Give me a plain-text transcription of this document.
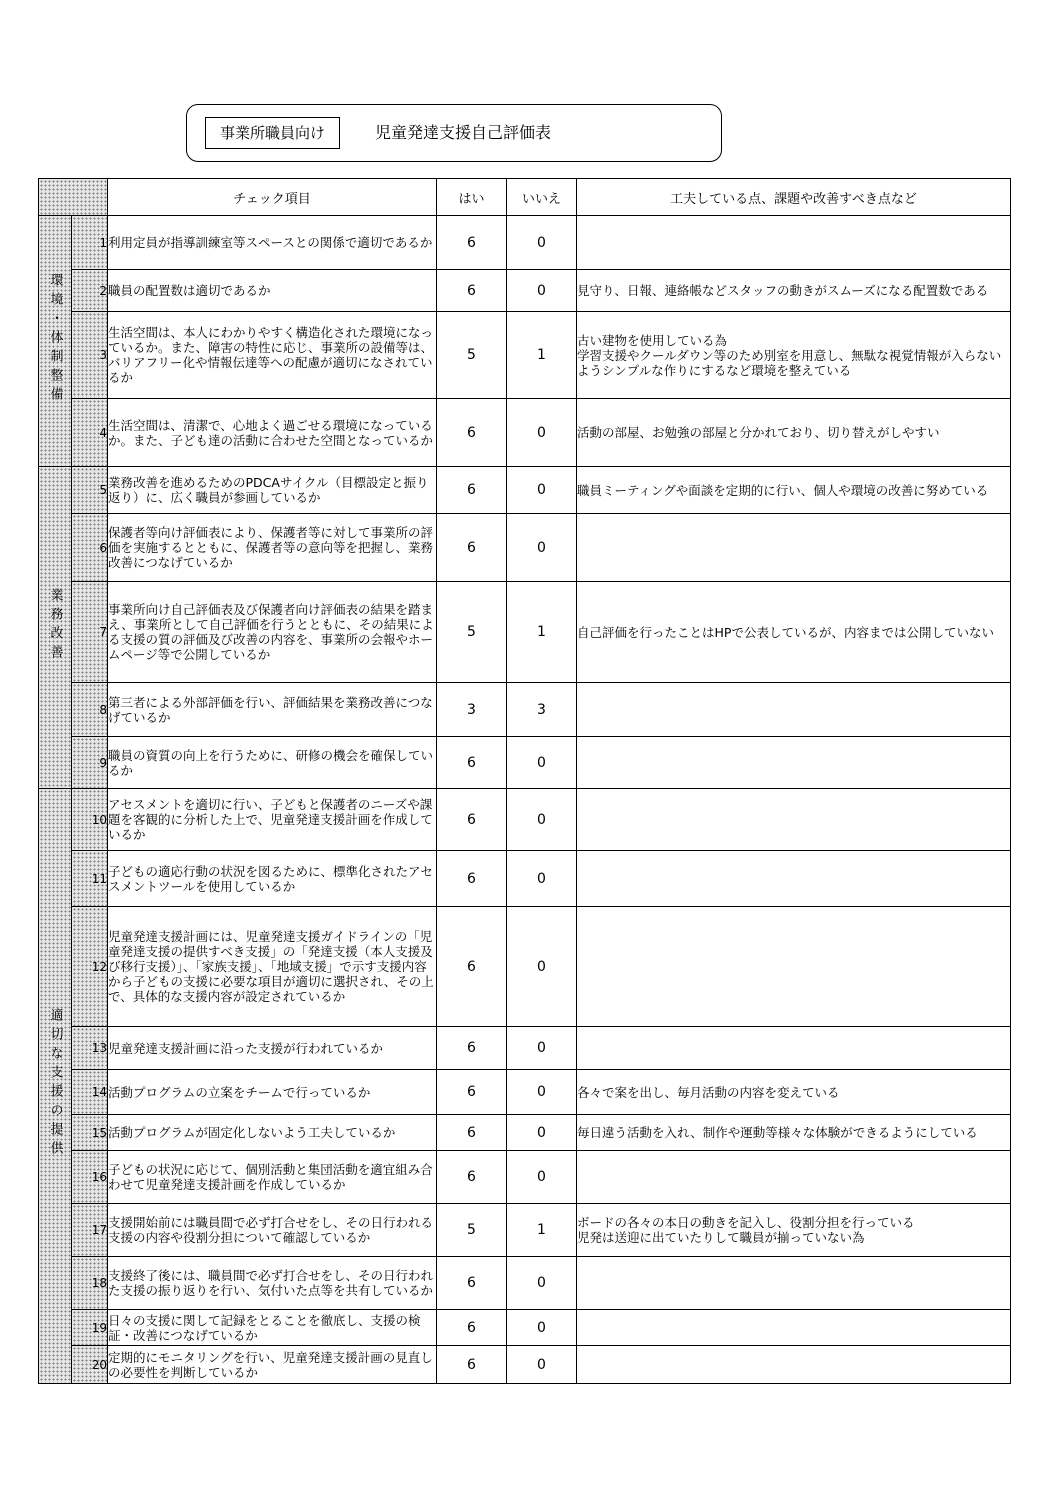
事業所職員向け	児童発達支援自己評価表
		チェック項目	はい	いいえ	工夫している点、課題や改善すべき点など
環境・体制整備	1	利用定員が指導訓練室等スペースとの関係で適切であるか	6	0	
	2	職員の配置数は適切であるか	6	0	見守り、日報、連絡帳などスタッフの動きがスムーズになる配置数である
	3	生活空間は、本人にわかりやすく構造化された環境になっているか。また、障害の特性に応じ、事業所の設備等は、バリアフリー化や情報伝達等への配慮が適切になされているか	5	1	古い建物を使用している為
学習支援やクールダウン等のため別室を用意し、無駄な視覚情報が入らないようシンプルな作りにするなど環境を整えている
	4	生活空間は、清潔で、心地よく過ごせる環境になっているか。また、子ども達の活動に合わせた空間となっているか	6	0	活動の部屋、お勉強の部屋と分かれており、切り替えがしやすい
業務改善	5	業務改善を進めるためのPDCAサイクル（目標設定と振り返り）に、広く職員が参画しているか	6	0	職員ミーティングや面談を定期的に行い、個人や環境の改善に努めている
	6	保護者等向け評価表により、保護者等に対して事業所の評価を実施するとともに、保護者等の意向等を把握し、業務改善につなげているか	6	0	
	7	事業所向け自己評価表及び保護者向け評価表の結果を踏まえ、事業所として自己評価を行うとともに、その結果による支援の質の評価及び改善の内容を、事業所の会報やホームページ等で公開しているか	5	1	自己評価を行ったことはHPで公表しているが、内容までは公開していない
	8	第三者による外部評価を行い、評価結果を業務改善につなげているか	3	3	
	9	職員の資質の向上を行うために、研修の機会を確保しているか	6	0	
適切な支援の提供	10	アセスメントを適切に行い、子どもと保護者のニーズや課題を客観的に分析した上で、児童発達支援計画を作成しているか	6	0	
	11	子どもの適応行動の状況を図るために、標準化されたアセスメントツールを使用しているか	6	0	
	12	児童発達支援計画には、児童発達支援ガイドラインの「児童発達支援の提供すべき支援」の「発達支援（本人支援及び移行支援）」、「家族支援」、「地域支援」で示す支援内容から子どもの支援に必要な項目が適切に選択され、その上で、具体的な支援内容が設定されているか	6	0	
	13	児童発達支援計画に沿った支援が行われているか	6	0	
	14	活動プログラムの立案をチームで行っているか	6	0	各々で案を出し、毎月活動の内容を変えている
	15	活動プログラムが固定化しないよう工夫しているか	6	0	毎日違う活動を入れ、制作や運動等様々な体験ができるようにしている
	16	子どもの状況に応じて、個別活動と集団活動を適宜組み合わせて児童発達支援計画を作成しているか	6	0	
	17	支援開始前には職員間で必ず打合せをし、その日行われる支援の内容や役割分担について確認しているか	5	1	ボードの各々の本日の動きを記入し、役割分担を行っている
児発は送迎に出ていたりして職員が揃っていない為
	18	支援終了後には、職員間で必ず打合せをし、その日行われた支援の振り返りを行い、気付いた点等を共有しているか	6	0	
	19	日々の支援に関して記録をとることを徹底し、支援の検証・改善につなげているか	6	0	
	20	定期的にモニタリングを行い、児童発達支援計画の見直しの必要性を判断しているか	6	0	
